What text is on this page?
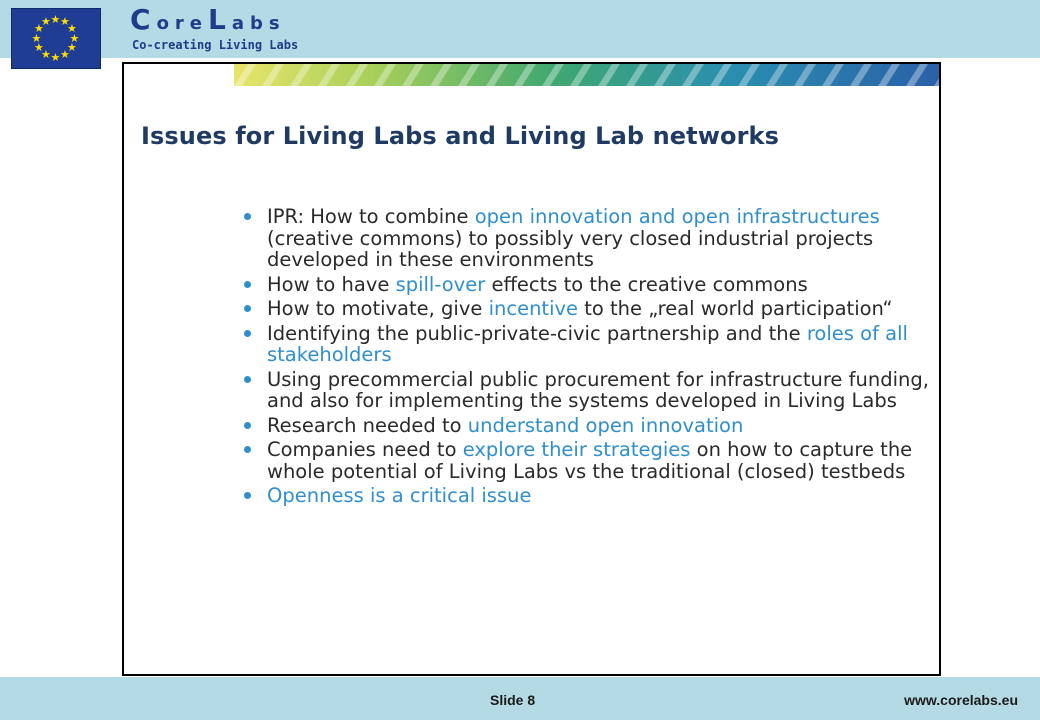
★ ★
★
★
★
★
★
★
★
★
★
★	CoreLabs
Co-creating Living Labs
Issues for Living Labs and Living Lab networks
IPR: How to combine open innovation and open infrastructures (creative commons) to possibly very closed industrial projects developed in these environments
How to have spill-over effects to the creative commons
How to motivate, give incentive to the „real world participation“
Identifying the public-private-civic partnership and the roles of all stakeholders
Using precommercial public procurement for infrastructure funding, and also for implementing the systems developed in Living Labs
Research needed to understand open innovation
Companies need to explore their strategies on how to capture the whole potential of Living Labs vs the traditional (closed) testbeds
Openness is a critical issue
Slide 8	www.corelabs.eu
